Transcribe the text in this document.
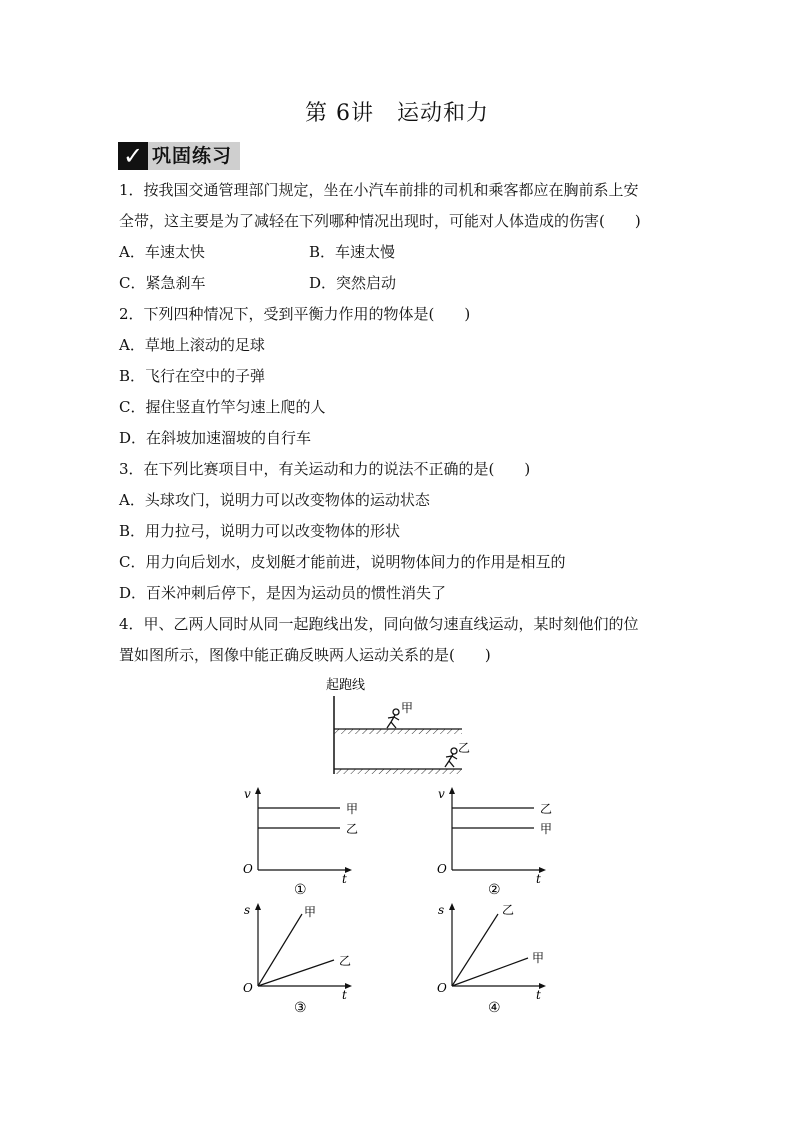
第 6讲　运动和力
✓ 巩固练习
1．按我国交通管理部门规定，坐在小汽车前排的司机和乘客都应在胸前系上安
全带，这主要是为了减轻在下列哪种情况出现时，可能对人体造成的伤害(　　)
A．车速太快	B．车速太慢
C．紧急刹车	D．突然启动
2．下列四种情况下，受到平衡力作用的物体是(　　)
A．草地上滚动的足球
B．飞行在空中的子弹
C．握住竖直竹竿匀速上爬的人
D．在斜坡加速溜坡的自行车
3．在下列比赛项目中，有关运动和力的说法不正确的是(　　)
A．头球攻门，说明力可以改变物体的运动状态
B．用力拉弓，说明力可以改变物体的形状
C．用力向后划水，皮划艇才能前进，说明物体间力的作用是相互的
D．百米冲刺后停下，是因为运动员的惯性消失了
4．甲、乙两人同时从同一起跑线出发，同向做匀速直线运动，某时刻他们的位
置如图所示，图像中能正确反映两人运动关系的是(　　)
起跑线
甲
乙
v
t
O
甲
乙
①
v
t
O
乙
甲
②
s
t
O
甲
乙
③
s
t
O
乙
甲
④
